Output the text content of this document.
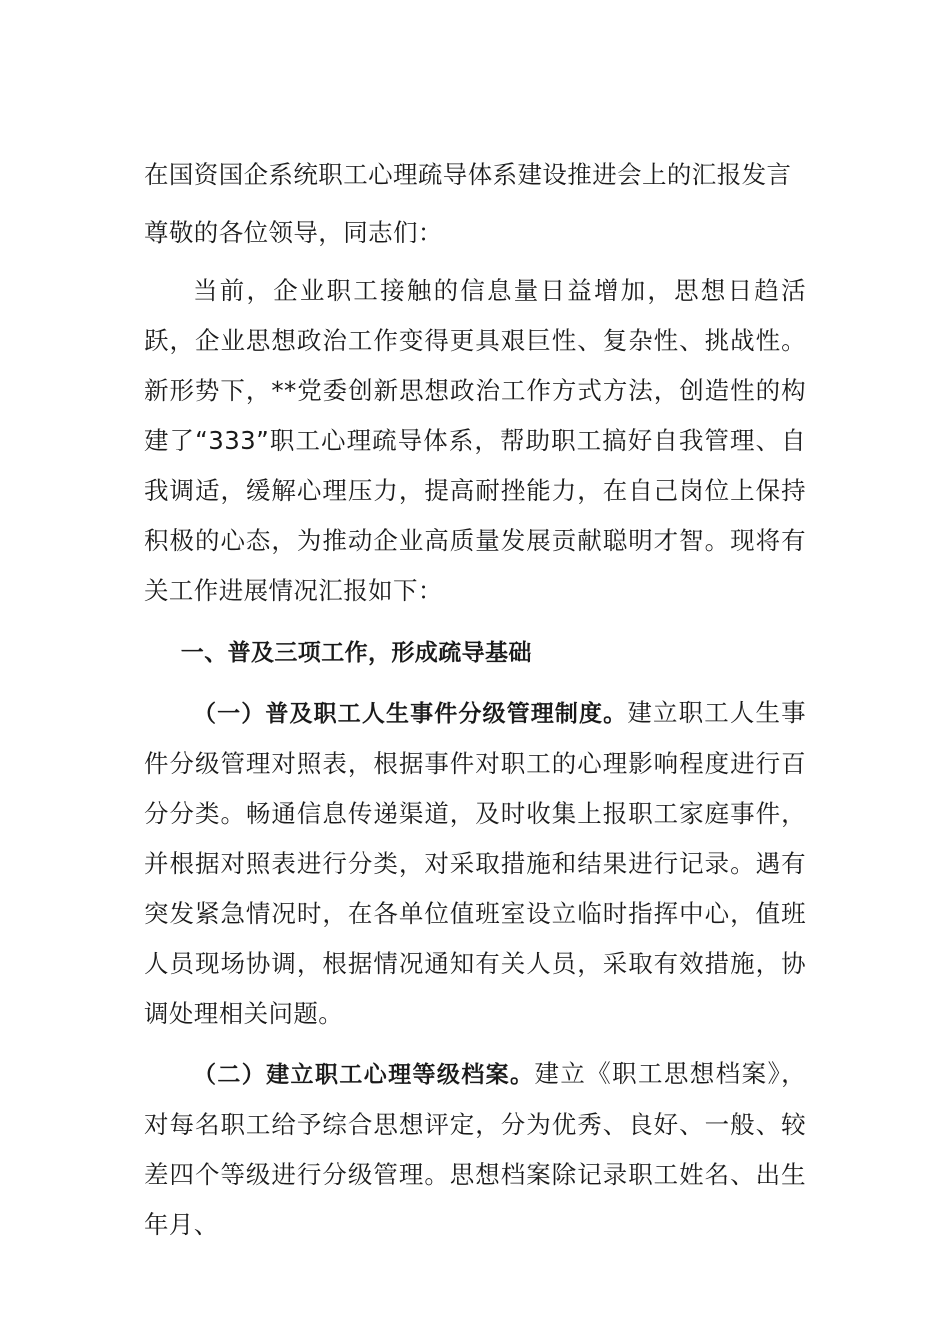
在国资国企系统职工心理疏导体系建设推进会上的汇报发言

尊敬的各位领导，同志们：

当前，企业职工接触的信息量日益增加，思想日趋活跃，企业思想政治工作变得更具艰巨性、复杂性、挑战性。新形势下，**党委创新思想政治工作方式方法，创造性的构建了“333”职工心理疏导体系，帮助职工搞好自我管理、自我调适，缓解心理压力，提高耐挫能力，在自己岗位上保持积极的心态，为推动企业高质量发展贡献聪明才智。现将有关工作进展情况汇报如下：

一、普及三项工作，形成疏导基础

（一）普及职工人生事件分级管理制度。建立职工人生事件分级管理对照表，根据事件对职工的心理影响程度进行百分分类。畅通信息传递渠道，及时收集上报职工家庭事件，并根据对照表进行分类，对采取措施和结果进行记录。遇有突发紧急情况时，在各单位值班室设立临时指挥中心，值班人员现场协调，根据情况通知有关人员，采取有效措施，协调处理相关问题。

（二）建立职工心理等级档案。建立《职工思想档案》，对每名职工给予综合思想评定，分为优秀、良好、一般、较差四个等级进行分级管理。思想档案除记录职工姓名、出生年月、
